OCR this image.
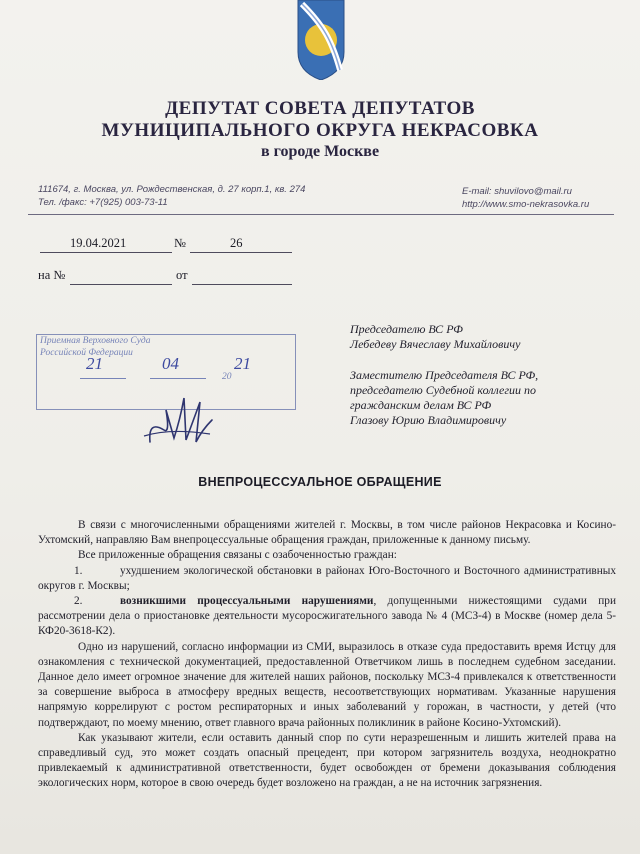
ДЕПУТАТ СОВЕТА ДЕПУТАТОВ
МУНИЦИПАЛЬНОГО ОКРУГА НЕКРАСОВКА
в городе Москве
111674, г. Москва, ул. Рождественская, д. 27 корп.1, кв. 274
Тел. /факс: +7(925) 003-73-11
E-mail: shuvilovo@mail.ru
http://www.smo-nekrasovka.ru
19.04.2021	№	26
на №	от
Приемная Верховного Суда
Российской Федерации
21	04
20
21
Председателю ВС РФ
Лебедеву Вячеславу Михайловичу
Заместителю Председателя ВС РФ,
председателю Судебной коллегии по
гражданским делам ВС РФ
Глазову Юрию Владимировичу
ВНЕПРОЦЕССУАЛЬНОЕ ОБРАЩЕНИЕ

В связи с многочисленными обращениями жителей г. Москвы, в том числе районов Некрасовка и Косино-Ухтомский, направляю Вам внепроцессуальные обращения граждан, приложенные к данному письму.

Все приложенные обращения связаны с озабоченностью граждан:

1.	ухудшением экологической обстановки в районах Юго-Восточного и Восточного административных округов г. Москвы;

2.	возникшими процессуальными нарушениями, допущенными нижестоящими судами при рассмотрении дела о приостановке деятельности мусоросжигательного завода № 4 (МСЗ-4) в Москве (номер дела 5-КФ20-3618-К2).

Одно из нарушений, согласно информации из СМИ, выразилось в отказе суда предоставить время Истцу для ознакомления с технической документацией, предоставленной Ответчиком лишь в последнем судебном заседании. Данное дело имеет огромное значение для жителей наших районов, поскольку МСЗ-4 привлекался к ответственности за совершение выброса в атмосферу вредных веществ, несоответствующих нормативам. Указанные нарушения напрямую коррелируют с ростом респираторных и иных заболеваний у горожан, в частности, у детей (что подтверждают, по моему мнению, ответ главного врача районных поликлиник в районе Косино-Ухтомский).

Как указывают жители, если оставить данный спор по сути неразрешенным и лишить жителей права на справедливый суд, это может создать опасный прецедент, при котором загрязнитель воздуха, неоднократно привлекаемый к административной ответственности, будет освобожден от бремени доказывания соблюдения экологических норм, которое в свою очередь будет возложено на граждан, а не на источник загрязнения.
